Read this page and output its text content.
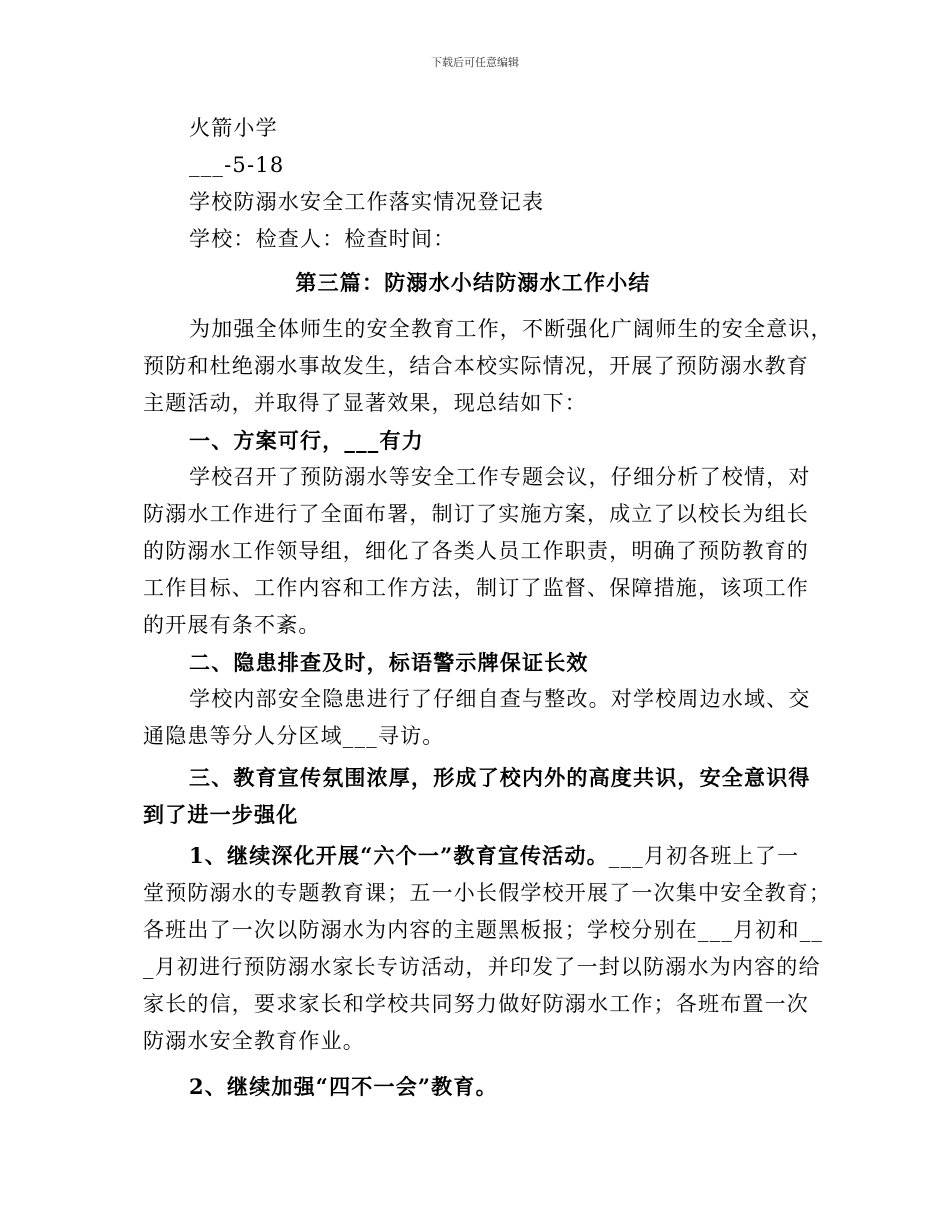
下载后可任意编辑
火箭小学
___-5-18
学校防溺水安全工作落实情况登记表
学校：检查人：检查时间：
第三篇：防溺水小结防溺水工作小结
为加强全体师生的安全教育工作，不断强化广阔师生的安全意识，
预防和杜绝溺水事故发生，结合本校实际情况，开展了预防溺水教育
主题活动，并取得了显著效果，现总结如下：
一、方案可行，___有力
学校召开了预防溺水等安全工作专题会议，仔细分析了校情，对
防溺水工作进行了全面布署，制订了实施方案，成立了以校长为组长
的防溺水工作领导组，细化了各类人员工作职责，明确了预防教育的
工作目标、工作内容和工作方法，制订了监督、保障措施，该项工作
的开展有条不紊。
二、隐患排查及时，标语警示牌保证长效
学校内部安全隐患进行了仔细自查与整改。对学校周边水域、交
通隐患等分人分区域___寻访。
三、教育宣传氛围浓厚，形成了校内外的高度共识，安全意识得
到了进一步强化
1、继续深化开展“六个一”教育宣传活动。___月初各班上了一
堂预防溺水的专题教育课；五一小长假学校开展了一次集中安全教育；
各班出了一次以防溺水为内容的主题黑板报；学校分别在___月初和__
_月初进行预防溺水家长专访活动，并印发了一封以防溺水为内容的给
家长的信，要求家长和学校共同努力做好防溺水工作；各班布置一次
防溺水安全教育作业。
2、继续加强“四不一会”教育。
